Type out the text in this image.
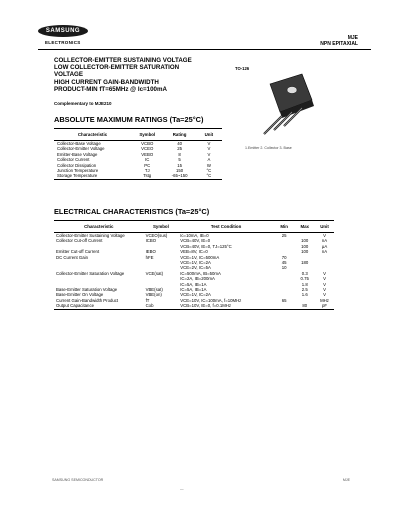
SAMSUNG
ELECTRONICS
MJE
NPN EPITAXIAL
COLLECTOR-EMITTER SUSTAINING VOLTAGE
LOW COLLECTOR-EMITTER SATURATION
VOLTAGE
HIGH CURRENT GAIN-BANDWIDTH
PRODUCT-MIN fT=65MHz @ Ic=100mA
Complementary to MJE210
TO-126
1.Emitter 2. Collector 3. Base
ABSOLUTE MAXIMUM RATINGS (Ta=25°C)
Characteristic	Symbol	Rating	Unit
Collector-Base Voltage	VCBO	40	V
Collector-Emitter Voltage	VCEO	25	V
Emitter-Base Voltage	VEBO	8	V
Collector Current	IC	5	A
Collector Dissipation	PC	15	W
Junction Temperature	TJ	150	°C
Storage Temperature	Tstg	-65~150	°C
ELECTRICAL CHARACTERISTICS (Ta=25°C)
Characteristic	Symbol	Test Condition	Min	Max	Unit
Collector-Emitter Sustaining Voltage	VCEO(sus)	Ic=10mA, IB=0	25		V
Collector Cut-off Current	ICBO	VCB=40V, IE=0		100	nA
		VCB=40V, IE=0, TJ=125°C		100	μA
Emitter Cut-off Current	IEBO	VEB=8V, IC=0		100	nA
DC Current Gain	hFE	VCE=1V, IC=500mA	70		
		VCE=1V, IC=2A	45	180	
		VCE=2V, IC=5A	10		
Collector-Emitter Saturation Voltage	VCE(sat)	IC=500mA, IB=50mA		0.3	V
		IC=2A, IB=200mA		0.75	V
		IC=5A, IB=1A		1.8	V
Base-Emitter Saturation Voltage	VBE(sat)	IC=5A, IB=1A		2.5	V
Base-Emitter On Voltage	VBE(on)	VCE=1V, IC=2A		1.6	V
Current Gain-Bandwidth Product	fT	VCE=10V, IC=100mA, f=10MHz	65		MHz
Output Capacitance	Cob	VCB=10V, IE=0, f=0.1MHz		80	pF
SAMSUNG SEMICONDUCTOR	MJE
—
